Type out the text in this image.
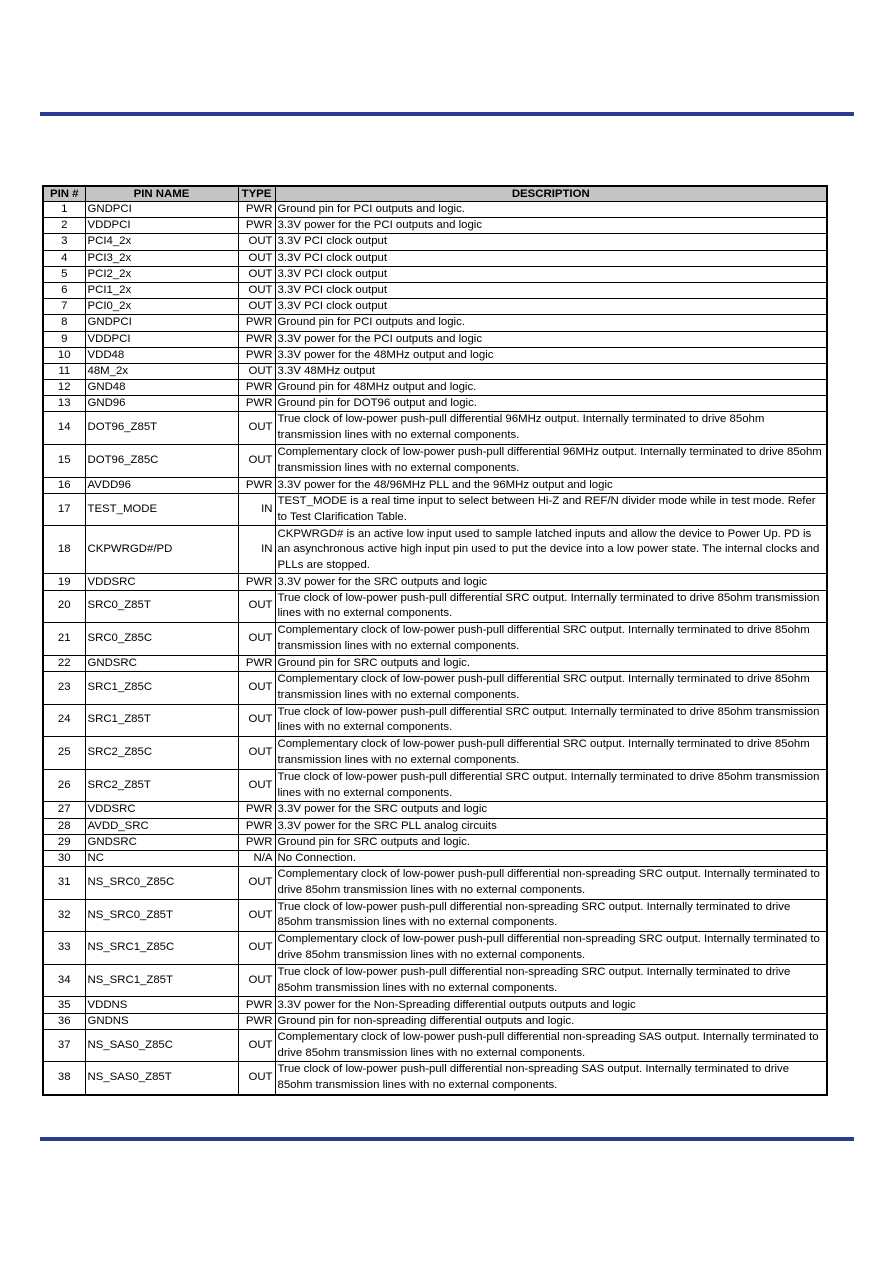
PIN #	PIN NAME	TYPE	DESCRIPTION
1	GNDPCI	PWR	Ground pin for PCI outputs and logic.
2	VDDPCI	PWR	3.3V power for the PCI outputs and logic
3	PCI4_2x	OUT	3.3V PCI clock output
4	PCI3_2x	OUT	3.3V PCI clock output
5	PCI2_2x	OUT	3.3V PCI clock output
6	PCI1_2x	OUT	3.3V PCI clock output
7	PCI0_2x	OUT	3.3V PCI clock output
8	GNDPCI	PWR	Ground pin for PCI outputs and logic.
9	VDDPCI	PWR	3.3V power for the PCI outputs and logic
10	VDD48	PWR	3.3V power for the 48MHz output and logic
11	48M_2x	OUT	3.3V 48MHz output
12	GND48	PWR	Ground pin for 48MHz output and logic.
13	GND96	PWR	Ground pin for DOT96 output and logic.
14	DOT96_Z85T	OUT	True clock of low-power push-pull differential 96MHz output. Internally terminated to drive 85ohm transmission lines with no external components.
15	DOT96_Z85C	OUT	Complementary clock of low-power push-pull differential 96MHz output. Internally terminated to drive 85ohm transmission lines with no external components.
16	AVDD96	PWR	3.3V power for the 48/96MHz PLL and the 96MHz output and logic
17	TEST_MODE	IN	TEST_MODE is a real time input to select between Hi-Z and REF/N divider mode while in test mode. Refer to Test Clarification Table.
18	CKPWRGD#/PD	IN	CKPWRGD# is an active low input used to sample latched inputs and allow the device to Power Up. PD is an asynchronous active high input pin used to put the device into a low power state. The internal clocks and PLLs are stopped.
19	VDDSRC	PWR	3.3V power for the SRC outputs and logic
20	SRC0_Z85T	OUT	True clock of low-power push-pull differential SRC output. Internally terminated to drive 85ohm transmission lines with no external components.
21	SRC0_Z85C	OUT	Complementary clock of low-power push-pull differential SRC output. Internally terminated to drive 85ohm transmission lines with no external components.
22	GNDSRC	PWR	Ground pin for SRC outputs and logic.
23	SRC1_Z85C	OUT	Complementary clock of low-power push-pull differential SRC output. Internally terminated to drive 85ohm transmission lines with no external components.
24	SRC1_Z85T	OUT	True clock of low-power push-pull differential SRC output. Internally terminated to drive 85ohm transmission lines with no external components.
25	SRC2_Z85C	OUT	Complementary clock of low-power push-pull differential SRC output. Internally terminated to drive 85ohm transmission lines with no external components.
26	SRC2_Z85T	OUT	True clock of low-power push-pull differential SRC output. Internally terminated to drive 85ohm transmission lines with no external components.
27	VDDSRC	PWR	3.3V power for the SRC outputs and logic
28	AVDD_SRC	PWR	3.3V power for the SRC PLL analog circuits
29	GNDSRC	PWR	Ground pin for SRC outputs and logic.
30	NC	N/A	No Connection.
31	NS_SRC0_Z85C	OUT	Complementary clock of low-power push-pull differential non-spreading SRC output. Internally terminated to drive 85ohm transmission lines with no external components.
32	NS_SRC0_Z85T	OUT	True clock of low-power push-pull differential non-spreading SRC output. Internally terminated to drive 85ohm transmission lines with no external components.
33	NS_SRC1_Z85C	OUT	Complementary clock of low-power push-pull differential non-spreading SRC output. Internally terminated to drive 85ohm transmission lines with no external components.
34	NS_SRC1_Z85T	OUT	True clock of low-power push-pull differential non-spreading SRC output. Internally terminated to drive 85ohm transmission lines with no external components.
35	VDDNS	PWR	3.3V power for the Non-Spreading differential outputs outputs and logic
36	GNDNS	PWR	Ground pin for non-spreading differential outputs and logic.
37	NS_SAS0_Z85C	OUT	Complementary clock of low-power push-pull differential non-spreading SAS output. Internally terminated to drive 85ohm transmission lines with no external components.
38	NS_SAS0_Z85T	OUT	True clock of low-power push-pull differential non-spreading SAS output. Internally terminated to drive 85ohm transmission lines with no external components.
